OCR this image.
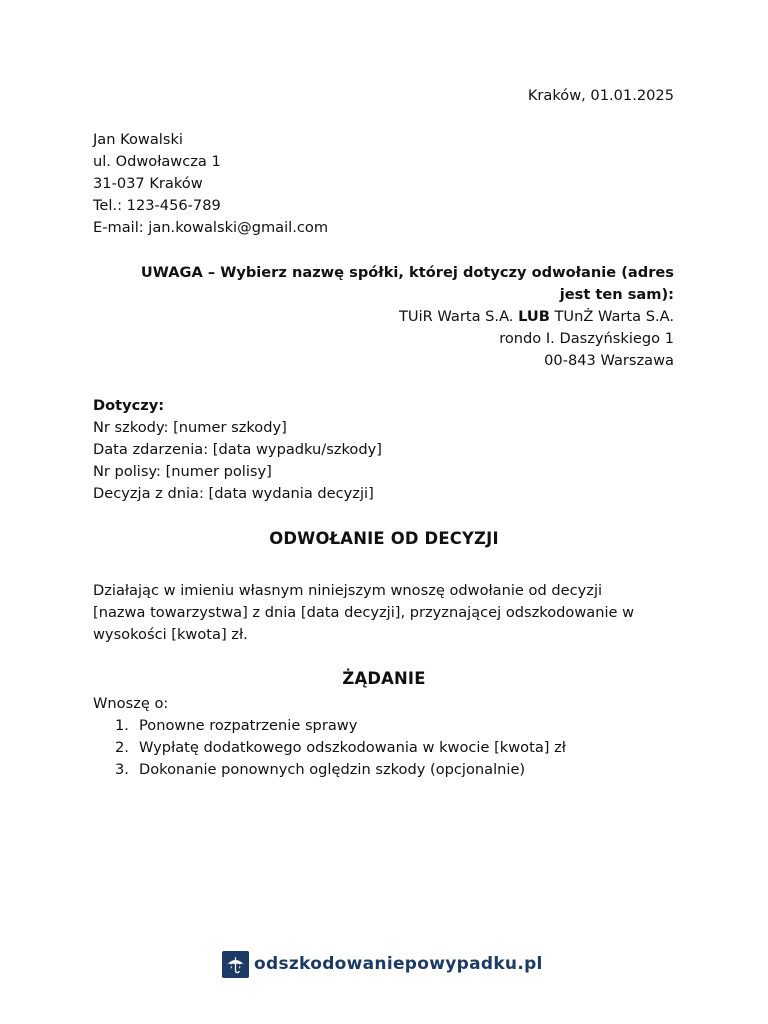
Kraków, 01.01.2025
Jan Kowalski
ul. Odwoławcza 1
31-037 Kraków
Tel.: 123-456-789
E-mail: jan.kowalski@gmail.com
UWAGA – Wybierz nazwę spółki, której dotyczy odwołanie (adres
jest ten sam):
TUiR Warta S.A. LUB TUnŻ Warta S.A.
rondo I. Daszyńskiego 1
00-843 Warszawa
Dotyczy:
Nr szkody: [numer szkody]
Data zdarzenia: [data wypadku/szkody]
Nr polisy: [numer polisy]
Decyzja z dnia: [data wydania decyzji]
ODWOŁANIE OD DECYZJI
Działając w imieniu własnym niniejszym wnoszę odwołanie od decyzji
[nazwa towarzystwa] z dnia [data decyzji], przyznającej odszkodowanie w
wysokości [kwota] zł.
ŻĄDANIE
Wnoszę o:
1. Ponowne rozpatrzenie sprawy
2. Wypłatę dodatkowego odszkodowania w kwocie [kwota] zł
3. Dokonanie ponownych oględzin szkody (opcjonalnie)
odszkodowaniepowypadku.pl
